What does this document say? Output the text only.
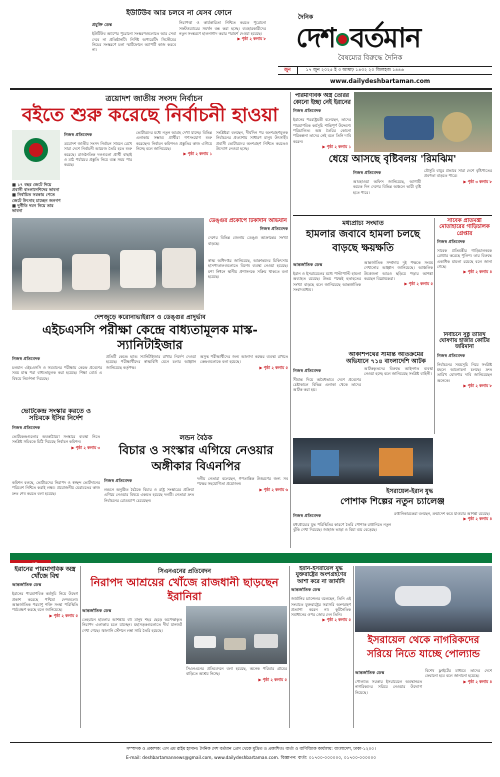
ইউটিউব আর চলবে না যেসব ফোনে
প্রযুক্তি ডেস্ক
ইউটিউব অ্যাপের পুরোনো সংস্করণগুলোতে আর সেবা দেবে না প্রতিষ্ঠানটি। নির্দিষ্ট অপারেটিং সিস্টেমের নিচের সংস্করণে চলা স্মার্টফোনে অ্যাপটি কাজ করবে না।
নিরাপত্তা ও কার্যকারিতা নিশ্চিত করতে পুরোনো সফটওয়্যারের সমর্থন বন্ধ করা হচ্ছে। ব্যবহারকারীদের নতুন সংস্করণে হালনাগাদ করার পরামর্শ দেওয়া হয়েছে।
▶ পৃষ্ঠা ২ কলাম ৮
দৈনিক
দেশ বর্তমান
বৈষম্যের বিরুদ্ধে দৈনিক
জুন	১৭ জুন ২০২৫ ই ৩ আষাঢ় ১৪৩২ ২০ জিলহজ ১৪৪৬
www.dailydeshbartaman.com
ত্রয়োদশ জাতীয় সংসদ নির্বাচন
বইতে শুরু করেছে নির্বাচনী হাওয়া
নিজস্ব প্রতিবেদক
ত্রয়োদশ জাতীয় সংসদ নির্বাচন সামনে রেখে সারা দেশে নির্বাচনী আমেজ তৈরি হতে শুরু করেছে। রাজনৈতিক দলগুলো প্রার্থী বাছাই ও মাঠ পর্যায়ের প্রস্তুতি নিয়ে ব্যস্ত সময় পার করছে।
ভোটারদের মধ্যে নতুন আগ্রহ দেখা যাচ্ছে। বিভিন্ন এলাকায় সম্ভাব্য প্রার্থীরা গণসংযোগ শুরু করেছেন। নির্বাচন কমিশনও প্রস্তুতির কাজ এগিয়ে নিচ্ছে বলে জানিয়েছে।
▶ পৃষ্ঠা ২ কলাম ১
সংশ্লিষ্টরা বলছেন, দীর্ঘদিন পর অংশগ্রহণমূলক নির্বাচনের প্রত্যাশায় সাধারণ মানুষ উৎসাহী। প্রবাসী ভোটারদের অংশগ্রহণ নিশ্চিত করতেও উদ্যোগ নেওয়া হচ্ছে।
■ ১৭ বছর জেটে দিয়ে প্রবাসী বাংলাদেশিদের ভাবনা
■ নির্বাচিত সরকার পেতে জেটে উৎসাহ চাচ্ছেন জনগণ
■ দুর্নীতি দমন নিয়ে তার ভাবনা
ডেঙ্গুর প্রকোপে টিকাদান অভিযান
নিজস্ব প্রতিবেদক
দেশের বিভিন্ন জেলায় ডেঙ্গু আক্রান্তের সংখ্যা বাড়ছে।
স্বাস্থ্য অধিদপ্তর জানিয়েছে, আক্রান্তদের চিকিৎসায় হাসপাতালগুলোতে বিশেষ ব্যবস্থা নেওয়া হয়েছে। মশা নিধনে স্থানীয় প্রশাসনকে সক্রিয় থাকতে বলা হয়েছে।
দেশজুড়ে করোনাভাইরাস ও ডেঙ্গুর প্রাদুর্ভাব
এইচএসসি পরীক্ষা কেন্দ্রে বাধ্যতামূলক মাস্ক-স্যানিটাইজার
নিজস্ব প্রতিবেদক
চলমান এইচএসসি ও সমমানের পরীক্ষায় কেন্দ্রে প্রবেশের সময় মাস্ক পরা বাধ্যতামূলক করা হয়েছে। শিক্ষা বোর্ড এ বিষয়ে নির্দেশনা দিয়েছে।
প্রতিটি কেন্দ্রে হ্যান্ড স্যানিটাইজার রাখার নির্দেশ দেওয়া হয়েছে। পরীক্ষার্থীদের স্বাস্থ্যবিধি মেনে চলার আহ্বান জানিয়েছে কর্তৃপক্ষ।
অসুস্থ পরীক্ষার্থীদের জন্য আলাদা কক্ষের ব্যবস্থা রাখতে কেন্দ্রগুলোকে বলা হয়েছে।
▶ পৃষ্ঠা ২ কলাম ৫
ভোটকেন্দ্র সংস্কার করতে ও সচিবকে ইসির নির্দেশ
নিজস্ব প্রতিবেদক
ভোটকেন্দ্রগুলোর অবকাঠামো সংস্কারে ব্যবস্থা নিতে সংশ্লিষ্ট সচিবকে চিঠি দিয়েছে নির্বাচন কমিশন।
▶ পৃষ্ঠা ২ কলাম ৩
পারমাণবিক অস্ত্র তৈরির কোনো ইচ্ছা নেই ইরানের
নিজস্ব প্রতিবেদক
ইরানের পররাষ্ট্রমন্ত্রী বলেছেন, তাদের পারমাণবিক কর্মসূচি শান্তিপূর্ণ উদ্দেশ্যে পরিচালিত। অস্ত্র তৈরির কোনো পরিকল্পনা তাদের নেই বলে তিনি দাবি করেন।
▶ পৃষ্ঠা ২ কলাম ১
ধেয়ে আসছে বৃষ্টিবলয় 'রিমঝিম'
নিজস্ব প্রতিবেদক
আবহাওয়া অফিস জানিয়েছে, আগামী কয়েক দিন দেশের বিভিন্ন অঞ্চলে ভারী বৃষ্টি হতে পারে।
মৌসুমি বায়ুর প্রভাবে সারা দেশে বৃষ্টিপাতের প্রবণতা বাড়তে পারে।
▶ পৃষ্ঠা ৩ কলাম ৮
মধ্যপ্রাচ্য সংঘাত
হামলার জবাবে হামলা চলছে বাড়ছে ক্ষয়ক্ষতি
আন্তর্জাতিক ডেস্ক
ইরান ও ইসরায়েলের মধ্যে পাল্টাপাল্টি হামলা অব্যাহত রয়েছে। উভয় পক্ষেই হতাহতের সংখ্যা বাড়ছে বলে জানিয়েছে আন্তর্জাতিক সংবাদমাধ্যম।
আন্তর্জাতিক সম্প্রদায় দুই পক্ষকে সংযম দেখানোর আহ্বান জানিয়েছে। আঞ্চলিক উত্তেজনা আরও ছড়িয়ে পড়ার আশঙ্কা করছেন বিশ্লেষকেরা।
▶ পৃষ্ঠা ২ কলাম ৫
সাবেক প্রতিমন্ত্রী মোতাহারের গাড়িচালক গ্রেপ্তার
নিজস্ব প্রতিবেদক
সাবেক প্রতিমন্ত্রীর গাড়িচালককে গ্রেপ্তার করেছে পুলিশ। তার বিরুদ্ধে একাধিক মামলা রয়েছে বলে জানা গেছে।
▶ পৃষ্ঠা ২ কলাম ৪
আকাশপথের সীমান্ত অতিক্রমের অভিযানে ৭১৪ বাংলাদেশি আটক
নিজস্ব প্রতিবেদক
সীমান্ত দিয়ে অবৈধভাবে দেশে প্রবেশের চেষ্টাকালে বিভিন্ন এলাকা থেকে তাদের আটক করা হয়।
আটককৃতদের বিরুদ্ধে আইনগত ব্যবস্থা নেওয়া হচ্ছে বলে জানিয়েছে সংশ্লিষ্ট বাহিনী।
নির্বাচনে সুষ্ঠু তারিখ ঘোষণায় হাজার কোটির জরিমানা
নিজস্ব প্রতিবেদক
নির্বাচনের সময়সূচি নিয়ে সংশ্লিষ্ট মহলে আলোচনা চলছে। দ্রুত তারিখ ঘোষণার দাবি জানিয়েছেন অনেকে।
▶ পৃষ্ঠা ২ কলাম ৮
ইসরায়েল-ইরান যুদ্ধ
পোশাক শিল্পের নতুন চ্যালেঞ্জ
নিজস্ব প্রতিবেদক
মধ্যপ্রাচ্যের যুদ্ধ পরিস্থিতির কারণে তৈরি পোশাক রপ্তানিতে নতুন ঝুঁকি দেখা দিয়েছে। জাহাজ ভাড়া ও বিমা ব্যয় বেড়েছে।
রপ্তানিকারকেরা বলছেন, ক্রয়াদেশ কমে যাওয়ার আশঙ্কা রয়েছে।
▶ পৃষ্ঠা ২ কলাম ৪
লন্ডন বৈঠক
বিচার ও সংস্কার এগিয়ে নেওয়ার অঙ্গীকার বিএনপির
নিজস্ব প্রতিবেদক
লন্ডনে অনুষ্ঠিত বৈঠকে বিচার ও রাষ্ট্র সংস্কারের প্রক্রিয়া এগিয়ে নেওয়ার বিষয়ে একমত হয়েছে দলটি। নেতারা দ্রুত নির্বাচনের রোডম্যাপ চেয়েছেন।
দলীয় নেতারা বলেছেন, গণতান্ত্রিক উত্তরণের জন্য সব পক্ষের সহযোগিতা প্রয়োজন।
▶ পৃষ্ঠা ২ কলাম ৬
কমিশন বলছে, ভোটারদের নিরাপদ ও স্বচ্ছন্দ ভোটদানের পরিবেশ নিশ্চিত করাই লক্ষ্য। প্রয়োজনীয় মেরামতের কাজ দ্রুত শেষ করতে বলা হয়েছে।
ইরানের পারমাণবিক অস্ত্র খোঁজে বিশ্ব
আন্তর্জাতিক ডেস্ক
ইরানের পারমাণবিক কর্মসূচি নিয়ে উদ্বেগ প্রকাশ করেছে পশ্চিমা দেশগুলো। আন্তর্জাতিক পরমাণু শক্তি সংস্থা পরিস্থিতি পর্যবেক্ষণ করছে বলে জানিয়েছে।
▶ পৃষ্ঠা ২ কলাম ৫
সিএনএনের প্রতিবেদন
নিরাপদ আশ্রয়ের খোঁজে রাজধানী ছাড়ছেন ইরানিরা
আন্তর্জাতিক ডেস্ক
তেহরানে হামলার আশঙ্কায় বহু মানুষ শহর ছেড়ে অপেক্ষাকৃত নিরাপদ এলাকায় চলে যাচ্ছেন। মহাসড়কগুলোতে দীর্ঘ যানজট দেখা গেছে। জ্বালানি স্টেশনে লম্বা সারি তৈরি হয়েছে।
সিএনএনের প্রতিবেদনে বলা হয়েছে, অনেক পরিবার গ্রামের বাড়িতে আশ্রয় নিচ্ছে।
▶ পৃষ্ঠা ২ কলাম ৫
ইরান-ইসরায়েল যুদ্ধ যুক্তরাষ্ট্রের অংশগ্রহণের আশা করে না জার্মানি
আন্তর্জাতিক ডেস্ক
জার্মানির চ্যান্সেলর বলেছেন, তিনি এই সংঘাতে যুক্তরাষ্ট্রের সরাসরি অংশগ্রহণ প্রত্যাশা করেন না। কূটনৈতিক সমাধানের ওপর জোর দেন তিনি।
▶ পৃষ্ঠা ২ কলাম ৫
ইসরায়েল থেকে নাগরিকদের সরিয়ে নিতে যাচ্ছে পোল্যান্ড
আন্তর্জাতিক ডেস্ক
পোল্যান্ড সরকার ইসরায়েলে অবস্থানরত নাগরিকদের সরিয়ে নেওয়ার উদ্যোগ নিয়েছে।
বিশেষ ফ্লাইটের মাধ্যমে তাদের দেশে ফেরানো হবে বলে জানানো হয়েছে।
▶ পৃষ্ঠা ২ কলাম ৪
সম্পাদক ও প্রকাশক: এস এম রাইম হাসান। দৈনিক দেশ বর্তমান প্রেস থেকে মুদ্রিত ও প্রকাশিত। বার্তা ও বাণিজ্যিক কার্যালয়: বাংলাদেশ, ঢাকা-১২০০।
E-mail: deshbartamannews@gmail.com, www.dailydeshbartaman.com. বিজ্ঞাপন: বার্তা: ০১৭০০-০০০০০০, ০১৭০০-০০০০০০
